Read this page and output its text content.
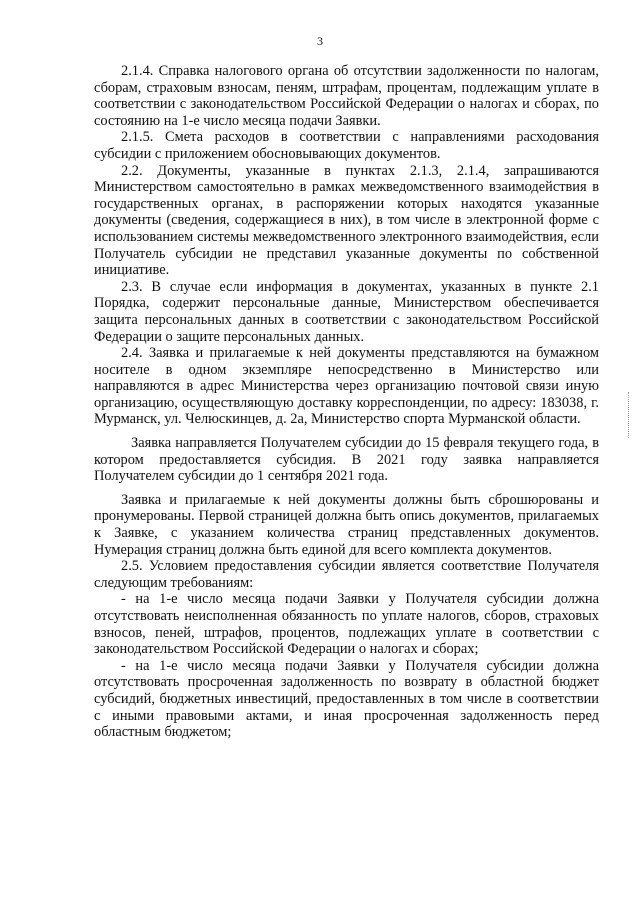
3

2.1.4. Справка налогового органа об отсутствии задолженности по налогам, сборам, страховым взносам, пеням, штрафам, процентам, подлежащим уплате в соответствии с законодательством Российской Федерации о налогах и сборах, по состоянию на 1-е число месяца подачи Заявки.

2.1.5. Смета расходов в соответствии с направлениями расходования субсидии с приложением обосновывающих документов.

2.2. Документы, указанные в пунктах 2.1.3, 2.1.4, запрашиваются Министерством самостоятельно в рамках межведомственного взаимодействия в государственных органах, в распоряжении которых находятся указанные документы (сведения, содержащиеся в них), в том числе в электронной форме с использованием системы межведомственного электронного взаимодействия, если Получатель субсидии не представил указанные документы по собственной инициативе.

2.3. В случае если информация в документах, указанных в пункте 2.1 Порядка, содержит персональные данные, Министерством обеспечивается защита персональных данных в соответствии с законодательством Российской Федерации о защите персональных данных.

2.4. Заявка и прилагаемые к ней документы представляются на бумажном носителе в одном экземпляре непосредственно в Министерство или направляются в адрес Министерства через организацию почтовой связи иную организацию, осуществляющую доставку корреспонденции, по адресу: 183038, г. Мурманск, ул. Челюскинцев, д. 2а, Министерство спорта Мурманской области.

Заявка направляется Получателем субсидии до 15 февраля текущего года, в котором предоставляется субсидия. В 2021 году заявка направляется Получателем субсидии до 1 сентября 2021 года.

Заявка и прилагаемые к ней документы должны быть сброшюрованы и пронумерованы. Первой страницей должна быть опись документов, прилагаемых к Заявке, с указанием количества страниц представленных документов. Нумерация страниц должна быть единой для всего комплекта документов.

2.5. Условием предоставления субсидии является соответствие Получателя следующим требованиям:

- на 1-е число месяца подачи Заявки у Получателя субсидии должна отсутствовать неисполненная обязанность по уплате налогов, сборов, страховых взносов, пеней, штрафов, процентов, подлежащих уплате в соответствии с законодательством Российской Федерации о налогах и сборах;

- на 1-е число месяца подачи Заявки у Получателя субсидии должна отсутствовать просроченная задолженность по возврату в областной бюджет субсидий, бюджетных инвестиций, предоставленных в том числе в соответствии с иными правовыми актами, и иная просроченная задолженность перед областным бюджетом;
